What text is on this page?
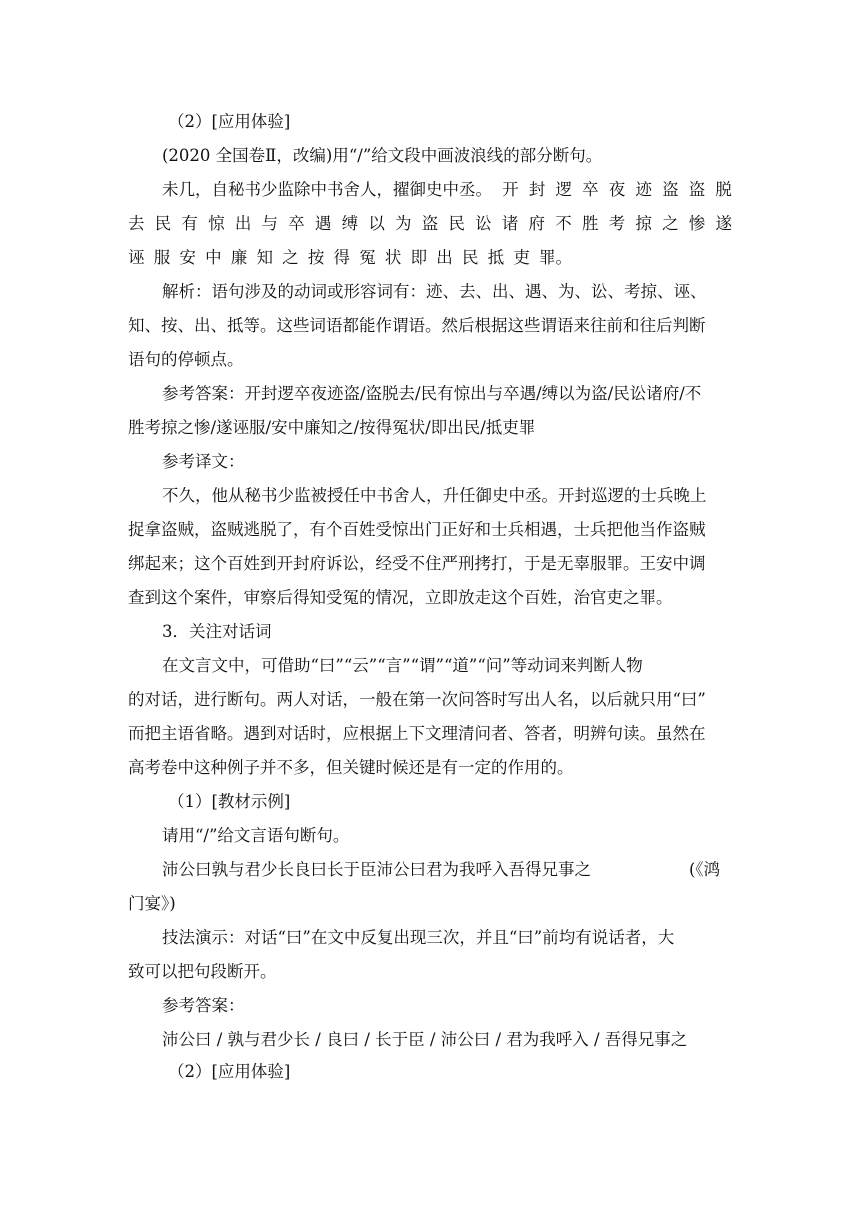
（2）[应用体验]

(2020 全国卷Ⅱ，改编)用“/”给文段中画波浪线的部分断句。

未几，自秘书少监除中书舍人，擢御史中丞。 开 封 逻 卒 夜 迹 盗 盗 脱
去 民 有 惊 出 与 卒 遇 缚 以 为 盗 民 讼 诸 府 不 胜 考 掠 之 惨 遂
诬 服 安 中 廉 知 之 按 得 冤 状 即 出 民 抵 吏 罪。

解析：语句涉及的动词或形容词有：迹、去、出、遇、为、讼、考掠、诬、

知、按、出、抵等。这些词语都能作谓语。然后根据这些谓语来往前和往后判断

语句的停顿点。

参考答案：开封逻卒夜迹盗/盗脱去/民有惊出与卒遇/缚以为盗/民讼诸府/不

胜考掠之惨/遂诬服/安中廉知之/按得冤状/即出民/抵吏罪

参考译文：

不久，他从秘书少监被授任中书舍人，升任御史中丞。开封巡逻的士兵晚上

捉拿盗贼，盗贼逃脱了，有个百姓受惊出门正好和士兵相遇，士兵把他当作盗贼

绑起来；这个百姓到开封府诉讼，经受不住严刑拷打，于是无辜服罪。王安中调

查到这个案件，审察后得知受冤的情况，立即放走这个百姓，治官吏之罪。

3．关注对话词

在文言文中，可借助“曰”“云”“言”“谓”“道”“问”等动词来判断人物

的对话，进行断句。两人对话，一般在第一次问答时写出人名，以后就只用“曰”

而把主语省略。遇到对话时，应根据上下文理清问者、答者，明辨句读。虽然在

高考卷中这种例子并不多，但关键时候还是有一定的作用的。

（1）[教材示例]

请用“/”给文言语句断句。

沛公曰孰与君少长良曰长于臣沛公曰君为我呼入吾得兄事之	(《鸿

门宴》)

技法演示：对话“曰”在文中反复出现三次，并且“曰”前均有说话者，大

致可以把句段断开。

参考答案：

沛公曰 / 孰与君少长 / 良曰 / 长于臣 / 沛公曰 / 君为我呼入 / 吾得兄事之

（2）[应用体验]
